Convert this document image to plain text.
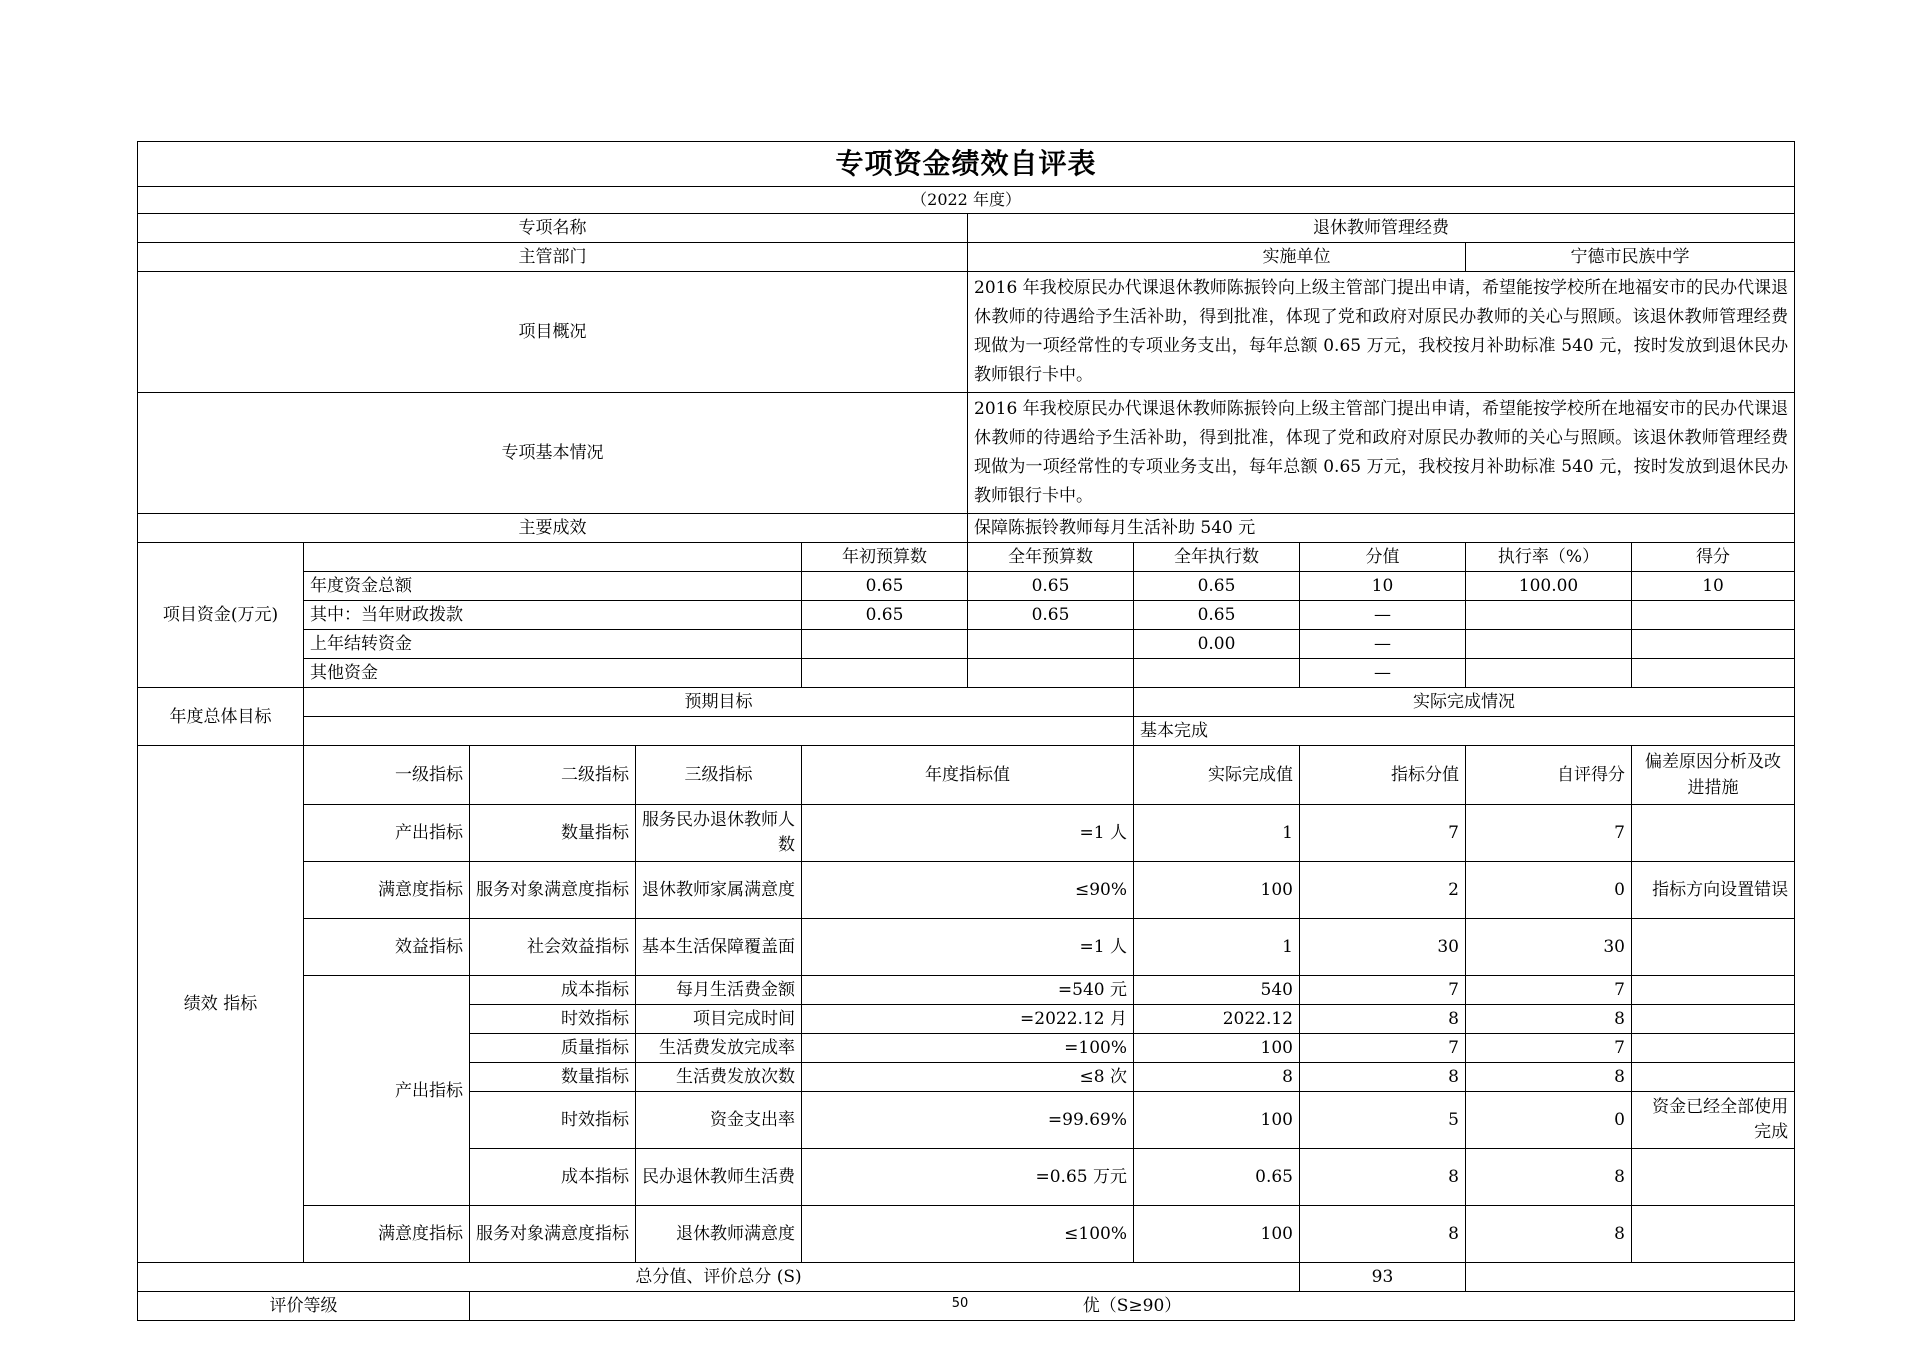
专项资金绩效自评表									
（2022 年度）									
专项名称					退休教师管理经费				
主管部门					实施单位			宁德市民族中学	
项目概况					2016 年我校原民办代课退休教师陈振铃向上级主管部门提出申请，希望能按学校所在地福安市的民办代课退休教师的待遇给予生活补助，得到批准，体现了党和政府对原民办教师的关心与照顾。该退休教师管理经费现做为一项经常性的专项业务支出，每年总额 0.65 万元，我校按月补助标准 540 元，按时发放到退休民办教师银行卡中。				
专项基本情况					2016 年我校原民办代课退休教师陈振铃向上级主管部门提出申请，希望能按学校所在地福安市的民办代课退休教师的待遇给予生活补助，得到批准，体现了党和政府对原民办教师的关心与照顾。该退休教师管理经费现做为一项经常性的专项业务支出，每年总额 0.65 万元，我校按月补助标准 540 元，按时发放到退休民办教师银行卡中。				
主要成效					保障陈振铃教师每月生活补助 540 元				
项目资金(万元)				年初预算数	全年预算数	全年执行数	分值	执行率（%）	得分
	年度资金总额			0.65	0.65	0.65	10	100.00	10
	其中：当年财政拨款			0.65	0.65	0.65	—		
	上年结转资金					0.00	—		
	其他资金						—		
年度总体目标	预期目标					实际完成情况			
						基本完成			
绩效 指标	一级指标	二级指标	三级指标	年度指标值		实际完成值	指标分值	自评得分	偏差原因分析及改进措施
	产出指标	数量指标	服务民办退休教师人数	=1 人		1	7	7	
	满意度指标	服务对象满意度指标	退休教师家属满意度	≤90%		100	2	0	指标方向设置错误
	效益指标	社会效益指标	基本生活保障覆盖面	=1 人		1	30	30	
	产出指标	成本指标	每月生活费金额	=540 元		540	7	7	
		时效指标	项目完成时间	=2022.12 月		2022.12	8	8	
		质量指标	生活费发放完成率	=100%		100	7	7	
		数量指标	生活费发放次数	≤8 次		8	8	8	
		时效指标	资金支出率	=99.69%		100	5	0	资金已经全部使用完成
		成本指标	民办退休教师生活费	=0.65 万元		0.65	8	8	
	满意度指标	服务对象满意度指标	退休教师满意度	≤100%		100	8	8	
总分值、评价总分 (S)							93		
评价等级		优（S≥90）							
50
